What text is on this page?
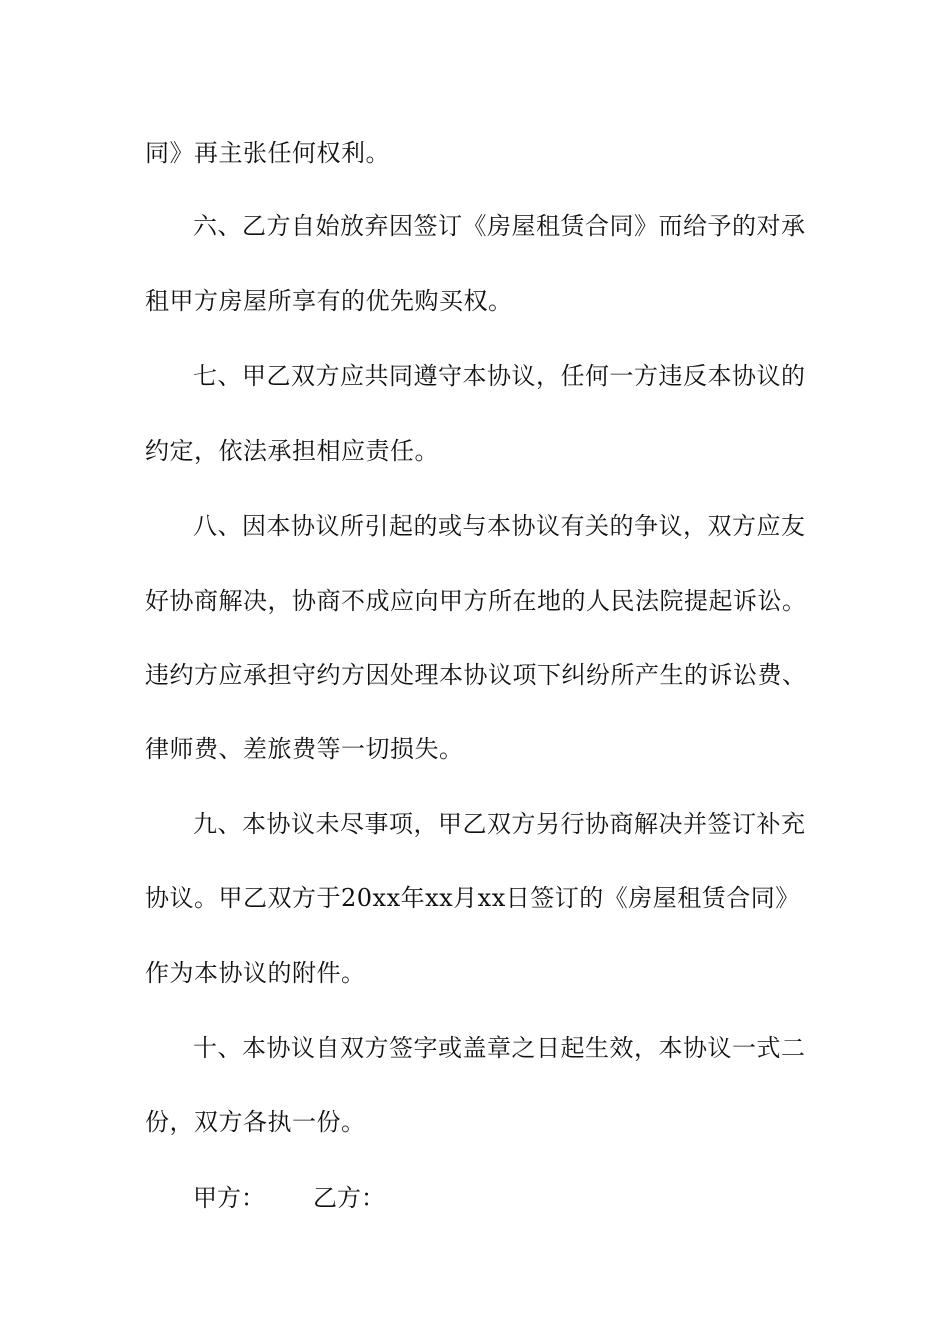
同》再主张任何权利。
六、乙方自始放弃因签订《房屋租赁合同》而给予的对承
租甲方房屋所享有的优先购买权。
七、甲乙双方应共同遵守本协议，任何一方违反本协议的
约定，依法承担相应责任。
八、因本协议所引起的或与本协议有关的争议，双方应友
好协商解决，协商不成应向甲方所在地的人民法院提起诉讼。
违约方应承担守约方因处理本协议项下纠纷所产生的诉讼费、
律师费、差旅费等一切损失。
九、本协议未尽事项，甲乙双方另行协商解决并签订补充
协议。甲乙双方于20xx年xx月xx日签订的《房屋租赁合同》
作为本协议的附件。
十、本协议自双方签字或盖章之日起生效，本协议一式二
份，双方各执一份。
甲方： 乙方：
